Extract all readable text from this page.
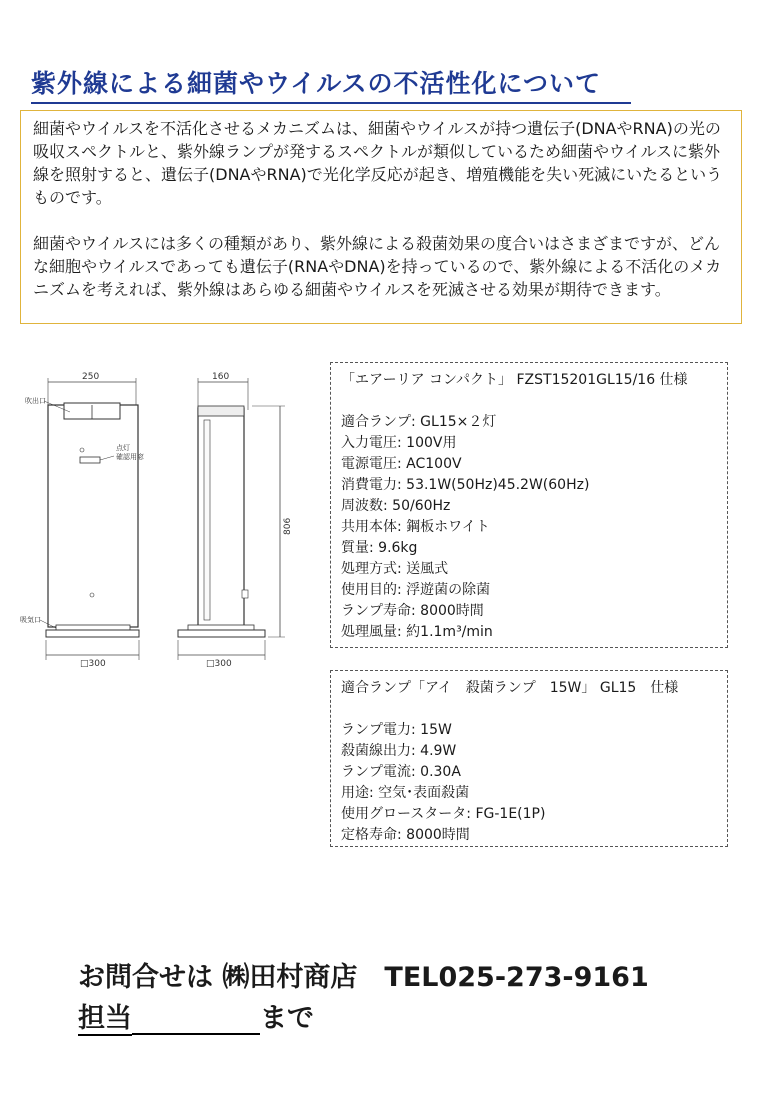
紫外線による細菌やウイルスの不活性化について

細菌やウイルスを不活化させるメカニズムは、細菌やウイルスが持つ遺伝子(DNAやRNA)の光の吸収スペクトルと、紫外線ランプが発するスペクトルが類似しているため細菌やウイルスに紫外線を照射すると、遺伝子(DNAやRNA)で光化学反応が起き、増殖機能を失い死滅にいたるというものです。

細菌やウイルスには多くの種類があり、紫外線による殺菌効果の度合いはさまざまですが、どんな細胞やウイルスであっても遺伝子(RNAやDNA)を持っているので、紫外線による不活化のメカニズムを考えれば、紫外線はあらゆる細菌やウイルスを死滅させる効果が期待できます。

250
吹出口
点灯
確認用窓
吸気口
□300
160
806
□300
「エアーリア コンパクト」 FZST15201GL15/16 仕様
適合ランプ: GL15×２灯
入力電圧: 100V用
電源電圧: AC100V
消費電力: 53.1W(50Hz)45.2W(60Hz)
周波数: 50/60Hz
共用本体: 鋼板ホワイト
質量: 9.6kg
処理方式: 送風式
使用目的: 浮遊菌の除菌
ランプ寿命: 8000時間
処理風量: 約1.1m³/min
適合ランプ「アイ　殺菌ランプ　15W」 GL15　仕様
ランプ電力: 15W
殺菌線出力: 4.9W
ランプ電流: 0.30A
用途: 空気･表面殺菌
使用グロースタータ: FG-1E(1P)
定格寿命: 8000時間
お問合せは ㈱田村商店　TEL025-273-9161
担当	まで
